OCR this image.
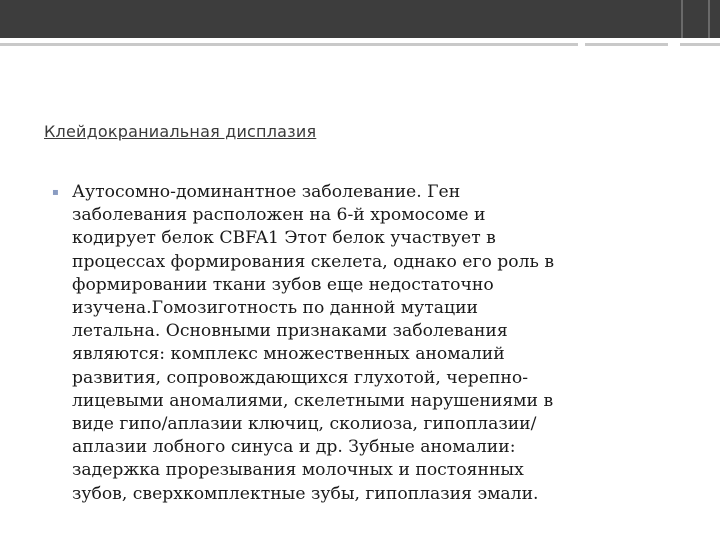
Клейдокраниальная дисплазия
▪ Аутосомно-доминантное заболевание. Ген
заболевания расположен на 6-й хромосоме и
кодирует белок CBFA1 Этот белок участвует в
процессах формирования скелета, однако его роль в
формировании ткани зубов еще недостаточно
изучена.Гомозиготность по данной мутации
летальна. Основными признаками заболевания
являются: комплекс множественных аномалий
развития, сопровождающихся глухотой, черепно-
лицевыми аномалиями, скелетными нарушениями в
виде гипо/аплазии ключиц, сколиоза, гипоплазии/
аплазии лобного синуса и др. Зубные аномалии:
задержка прорезывания молочных и постоянных
зубов, сверхкомплектные зубы, гипоплазия эмали.
